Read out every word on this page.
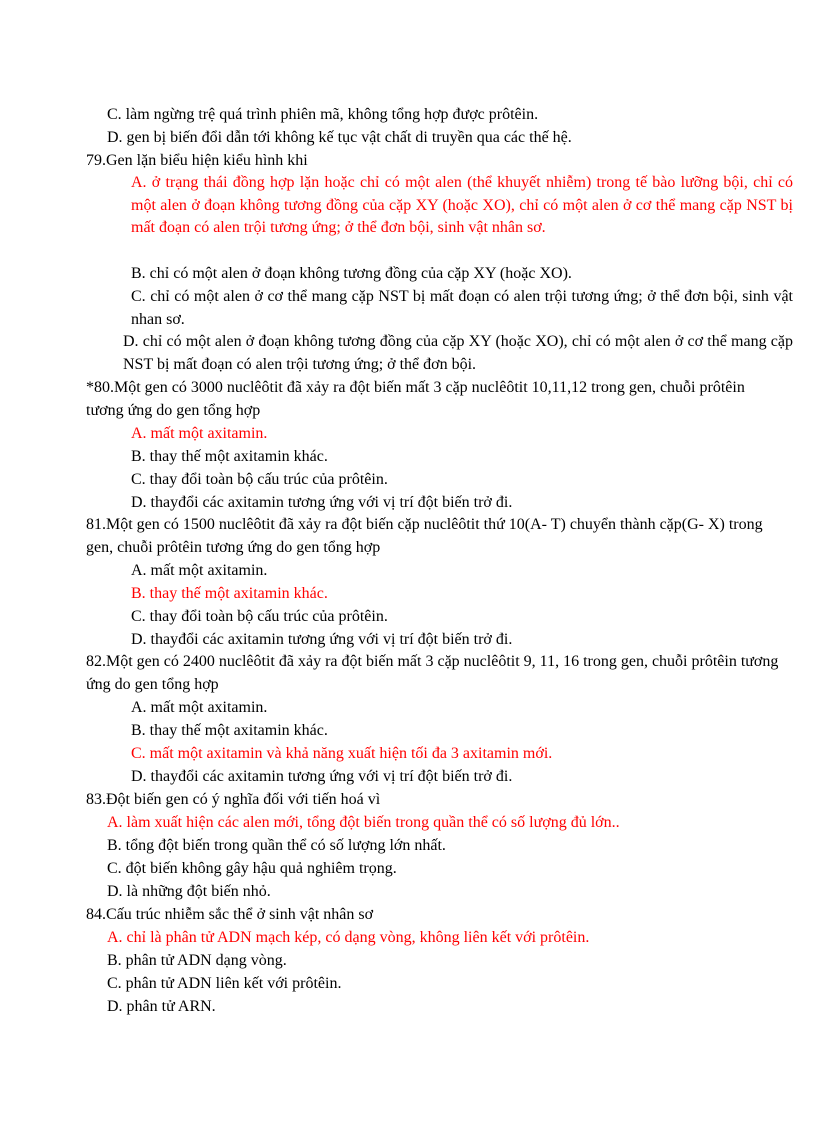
C. làm ngừng trệ quá trình phiên mã, không tổng hợp được prôtêin.
D. gen bị biến đổi dẫn tới không kế tục vật chất di truyền qua các thế hệ.
79.Gen lặn biểu hiện kiểu hình khi
A. ở trạng thái đồng hợp lặn hoặc chỉ có một alen (thể khuyết nhiễm) trong tế bào lưỡng bội, chỉ có một alen ở đoạn không tương đồng của cặp XY (hoặc XO), chỉ có một alen ở cơ thể mang cặp NST bị mất đoạn có alen trội tương ứng; ở thể đơn bội, sinh vật nhân sơ.
B. chỉ có một alen ở đoạn không tương đồng của cặp XY (hoặc XO).
C. chỉ có một alen ở cơ thể mang cặp NST bị mất đoạn có alen trội tương ứng; ở thể đơn bội, sinh vật nhan sơ.
D. chỉ có một alen ở đoạn không tương đồng của cặp XY (hoặc XO), chỉ có một alen ở cơ thể mang cặp NST bị mất đoạn có alen trội tương ứng; ở thể đơn bội.
*80.Một gen có 3000 nuclêôtit đã xảy ra đột biến mất 3 cặp nuclêôtit 10,11,12 trong gen, chuỗi prôtêin tương ứng do gen tổng hợp
A. mất một axitamin.
B. thay thế một axitamin khác.
C. thay đổi toàn bộ cấu trúc của prôtêin.
D. thayđổi các axitamin tương ứng với vị trí đột biến trở đi.
81.Một gen có 1500 nuclêôtit đã xảy ra đột biến cặp nuclêôtit thứ 10(A- T) chuyển thành cặp(G- X) trong gen, chuỗi prôtêin tương ứng do gen tổng hợp
A. mất một axitamin.
B. thay thế một axitamin khác.
C. thay đổi toàn bộ cấu trúc của prôtêin.
D. thayđổi các axitamin tương ứng với vị trí đột biến trở đi.
82.Một gen có 2400 nuclêôtit đã xảy ra đột biến mất 3 cặp nuclêôtit 9, 11, 16 trong gen, chuỗi prôtêin tương ứng do gen tổng hợp
A. mất một axitamin.
B. thay thế một axitamin khác.
C. mất một axitamin và khả năng xuất hiện tối đa 3 axitamin mới.
D. thayđổi các axitamin tương ứng với vị trí đột biến trở đi.
83.Đột biến gen có ý nghĩa đối với tiến hoá vì
A. làm xuất hiện các alen mới, tổng đột biến trong quần thể có số lượng đủ lớn..
B. tổng đột biến trong quần thể có số lượng lớn nhất.
C. đột biến không gây hậu quả nghiêm trọng.
D. là những đột biến nhỏ.
84.Cấu trúc nhiễm sắc thể ở sinh vật nhân sơ
A. chỉ là phân tử ADN mạch kép, có dạng vòng, không liên kết với prôtêin.
B. phân tử ADN dạng vòng.
C. phân tử ADN liên kết với prôtêin.
D. phân tử ARN.
